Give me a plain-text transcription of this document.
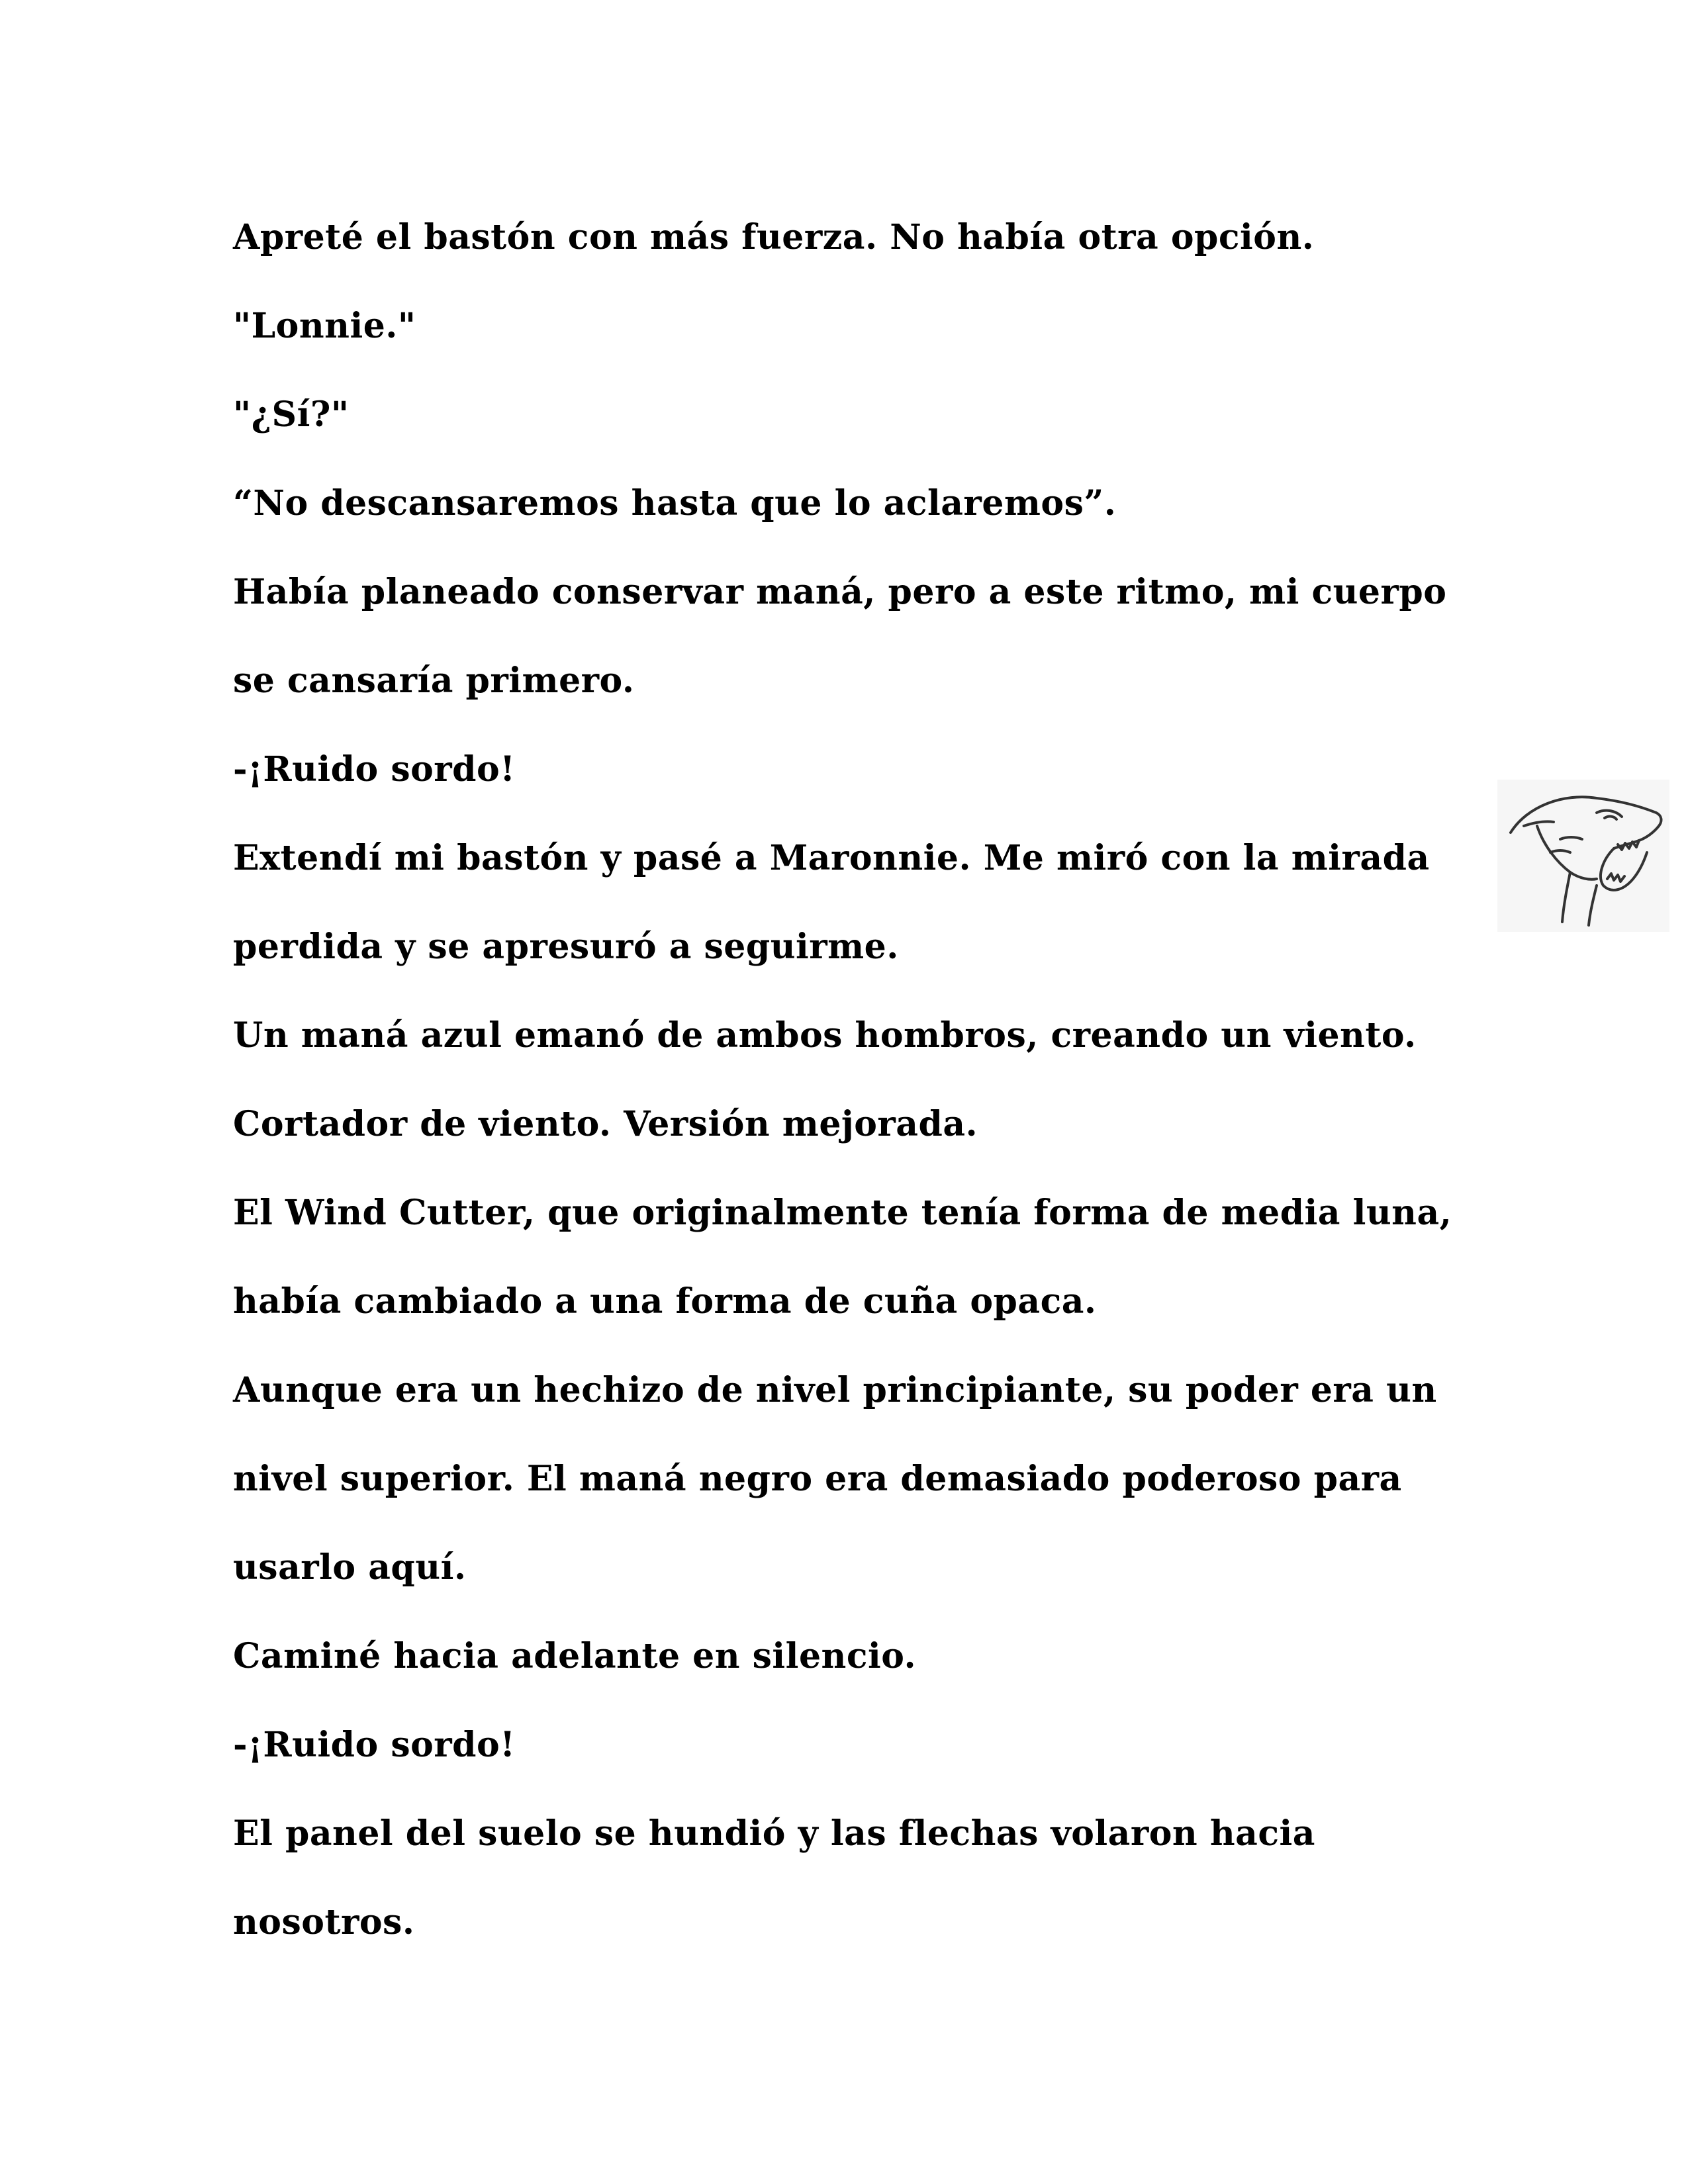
Apreté el bastón con más fuerza. No había otra opción.
"Lonnie."
"¿Sí?"
“No descansaremos hasta que lo aclaremos”.
Había planeado conservar maná, pero a este ritmo, mi cuerpo
se cansaría primero.
-¡Ruido sordo!
Extendí mi bastón y pasé a Maronnie. Me miró con la mirada
perdida y se apresuró a seguirme.
Un maná azul emanó de ambos hombros, creando un viento.
Cortador de viento. Versión mejorada.
El Wind Cutter, que originalmente tenía forma de media luna,
había cambiado a una forma de cuña opaca.
Aunque era un hechizo de nivel principiante, su poder era un
nivel superior. El maná negro era demasiado poderoso para
usarlo aquí.
Caminé hacia adelante en silencio.
-¡Ruido sordo!
El panel del suelo se hundió y las flechas volaron hacia
nosotros.
